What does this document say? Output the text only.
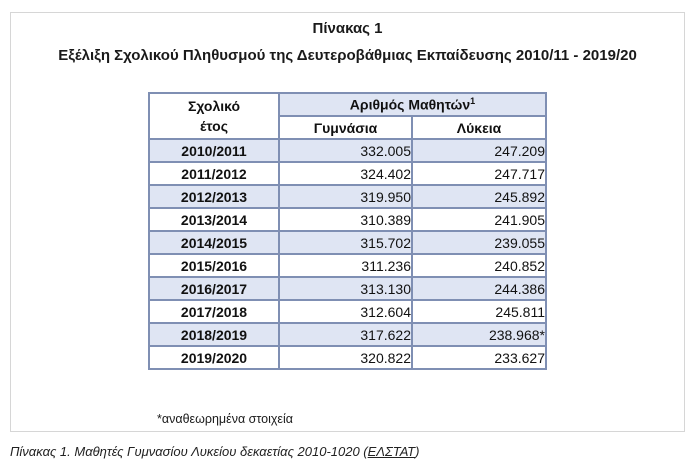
Πίνακας 1
Εξέλιξη Σχολικού Πληθυσμού της Δευτεροβάθμιας Εκπαίδευσης 2010/11 - 2019/20
Σχολικό
έτος	Αριθμός Μαθητών$^1$
	Γυμνάσια	Λύκεια
2010/2011	332.005	247.209
2011/2012	324.402	247.717
2012/2013	319.950	245.892
2013/2014	310.389	241.905
2014/2015	315.702	239.055
2015/2016	311.236	240.852
2016/2017	313.130	244.386
2017/2018	312.604	245.811
2018/2019	317.622	238.968*
2019/2020	320.822	233.627
*αναθεωρημένα στοιχεία
Πίνακας 1. Μαθητές Γυμνασίου Λυκείου δεκαετίας 2010-1020 (ΕΛΣΤΑΤ)
